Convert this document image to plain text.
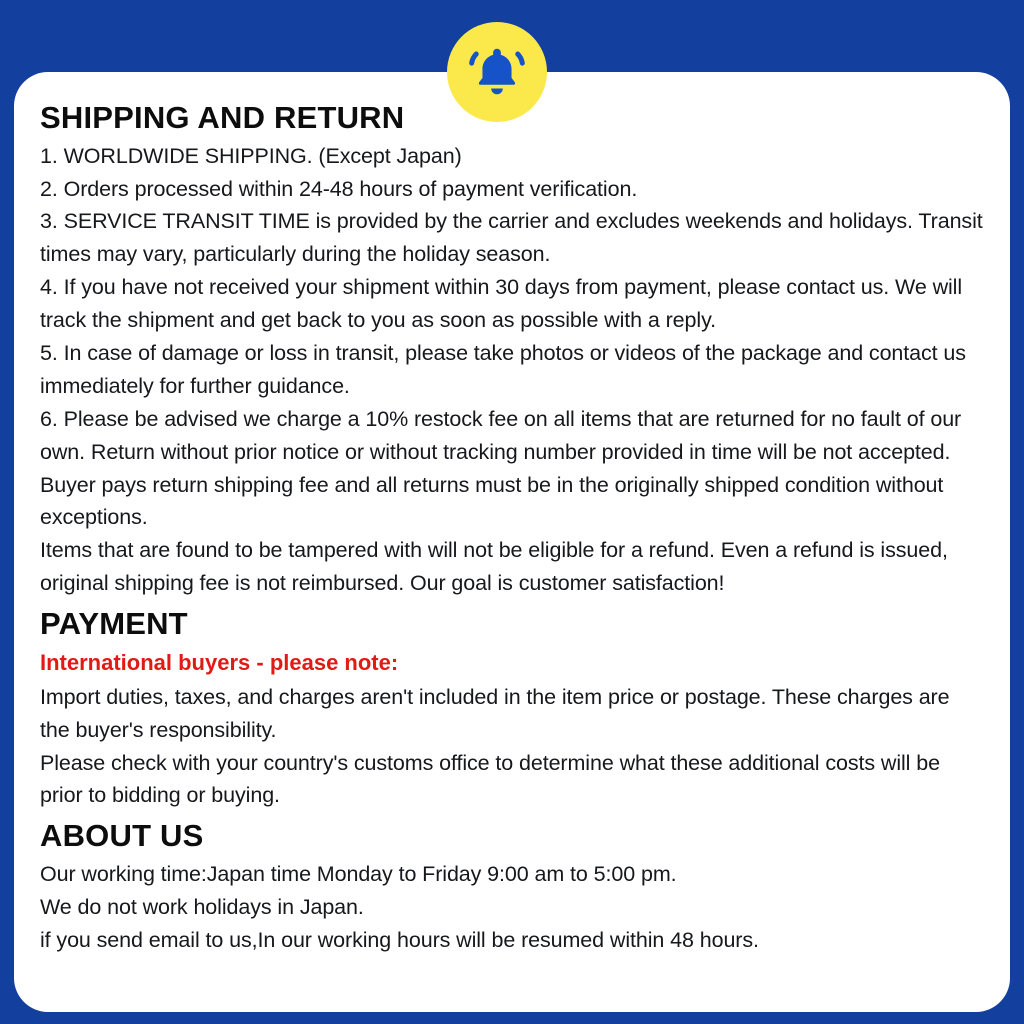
SHIPPING AND RETURN

1. WORLDWIDE SHIPPING. (Except Japan)

2. Orders processed within 24-48 hours of payment verification.

3. SERVICE TRANSIT TIME is provided by the carrier and excludes weekends and holidays. Transit times may vary, particularly during the holiday season.

4. If you have not received your shipment within 30 days from payment, please contact us. We will track the shipment and get back to you as soon as possible with a reply.

5. In case of damage or loss in transit, please take photos or videos of the package and contact us immediately for further guidance.

6. Please be advised we charge a 10% restock fee on all items that are returned for no fault of our own. Return without prior notice or without tracking number provided in time will be not accepted. Buyer pays return shipping fee and all returns must be in the originally shipped condition without exceptions.

Items that are found to be tampered with will not be eligible for a refund. Even a refund is issued, original shipping fee is not reimbursed. Our goal is customer satisfaction!

PAYMENT

International buyers - please note:

Import duties, taxes, and charges aren't included in the item price or postage. These charges are the buyer's responsibility.

Please check with your country's customs office to determine what these additional costs will be prior to bidding or buying.

ABOUT US

Our working time:Japan time Monday to Friday 9:00 am to 5:00 pm.

We do not work holidays in Japan.

if you send email to us,In our working hours will be resumed within 48 hours.
